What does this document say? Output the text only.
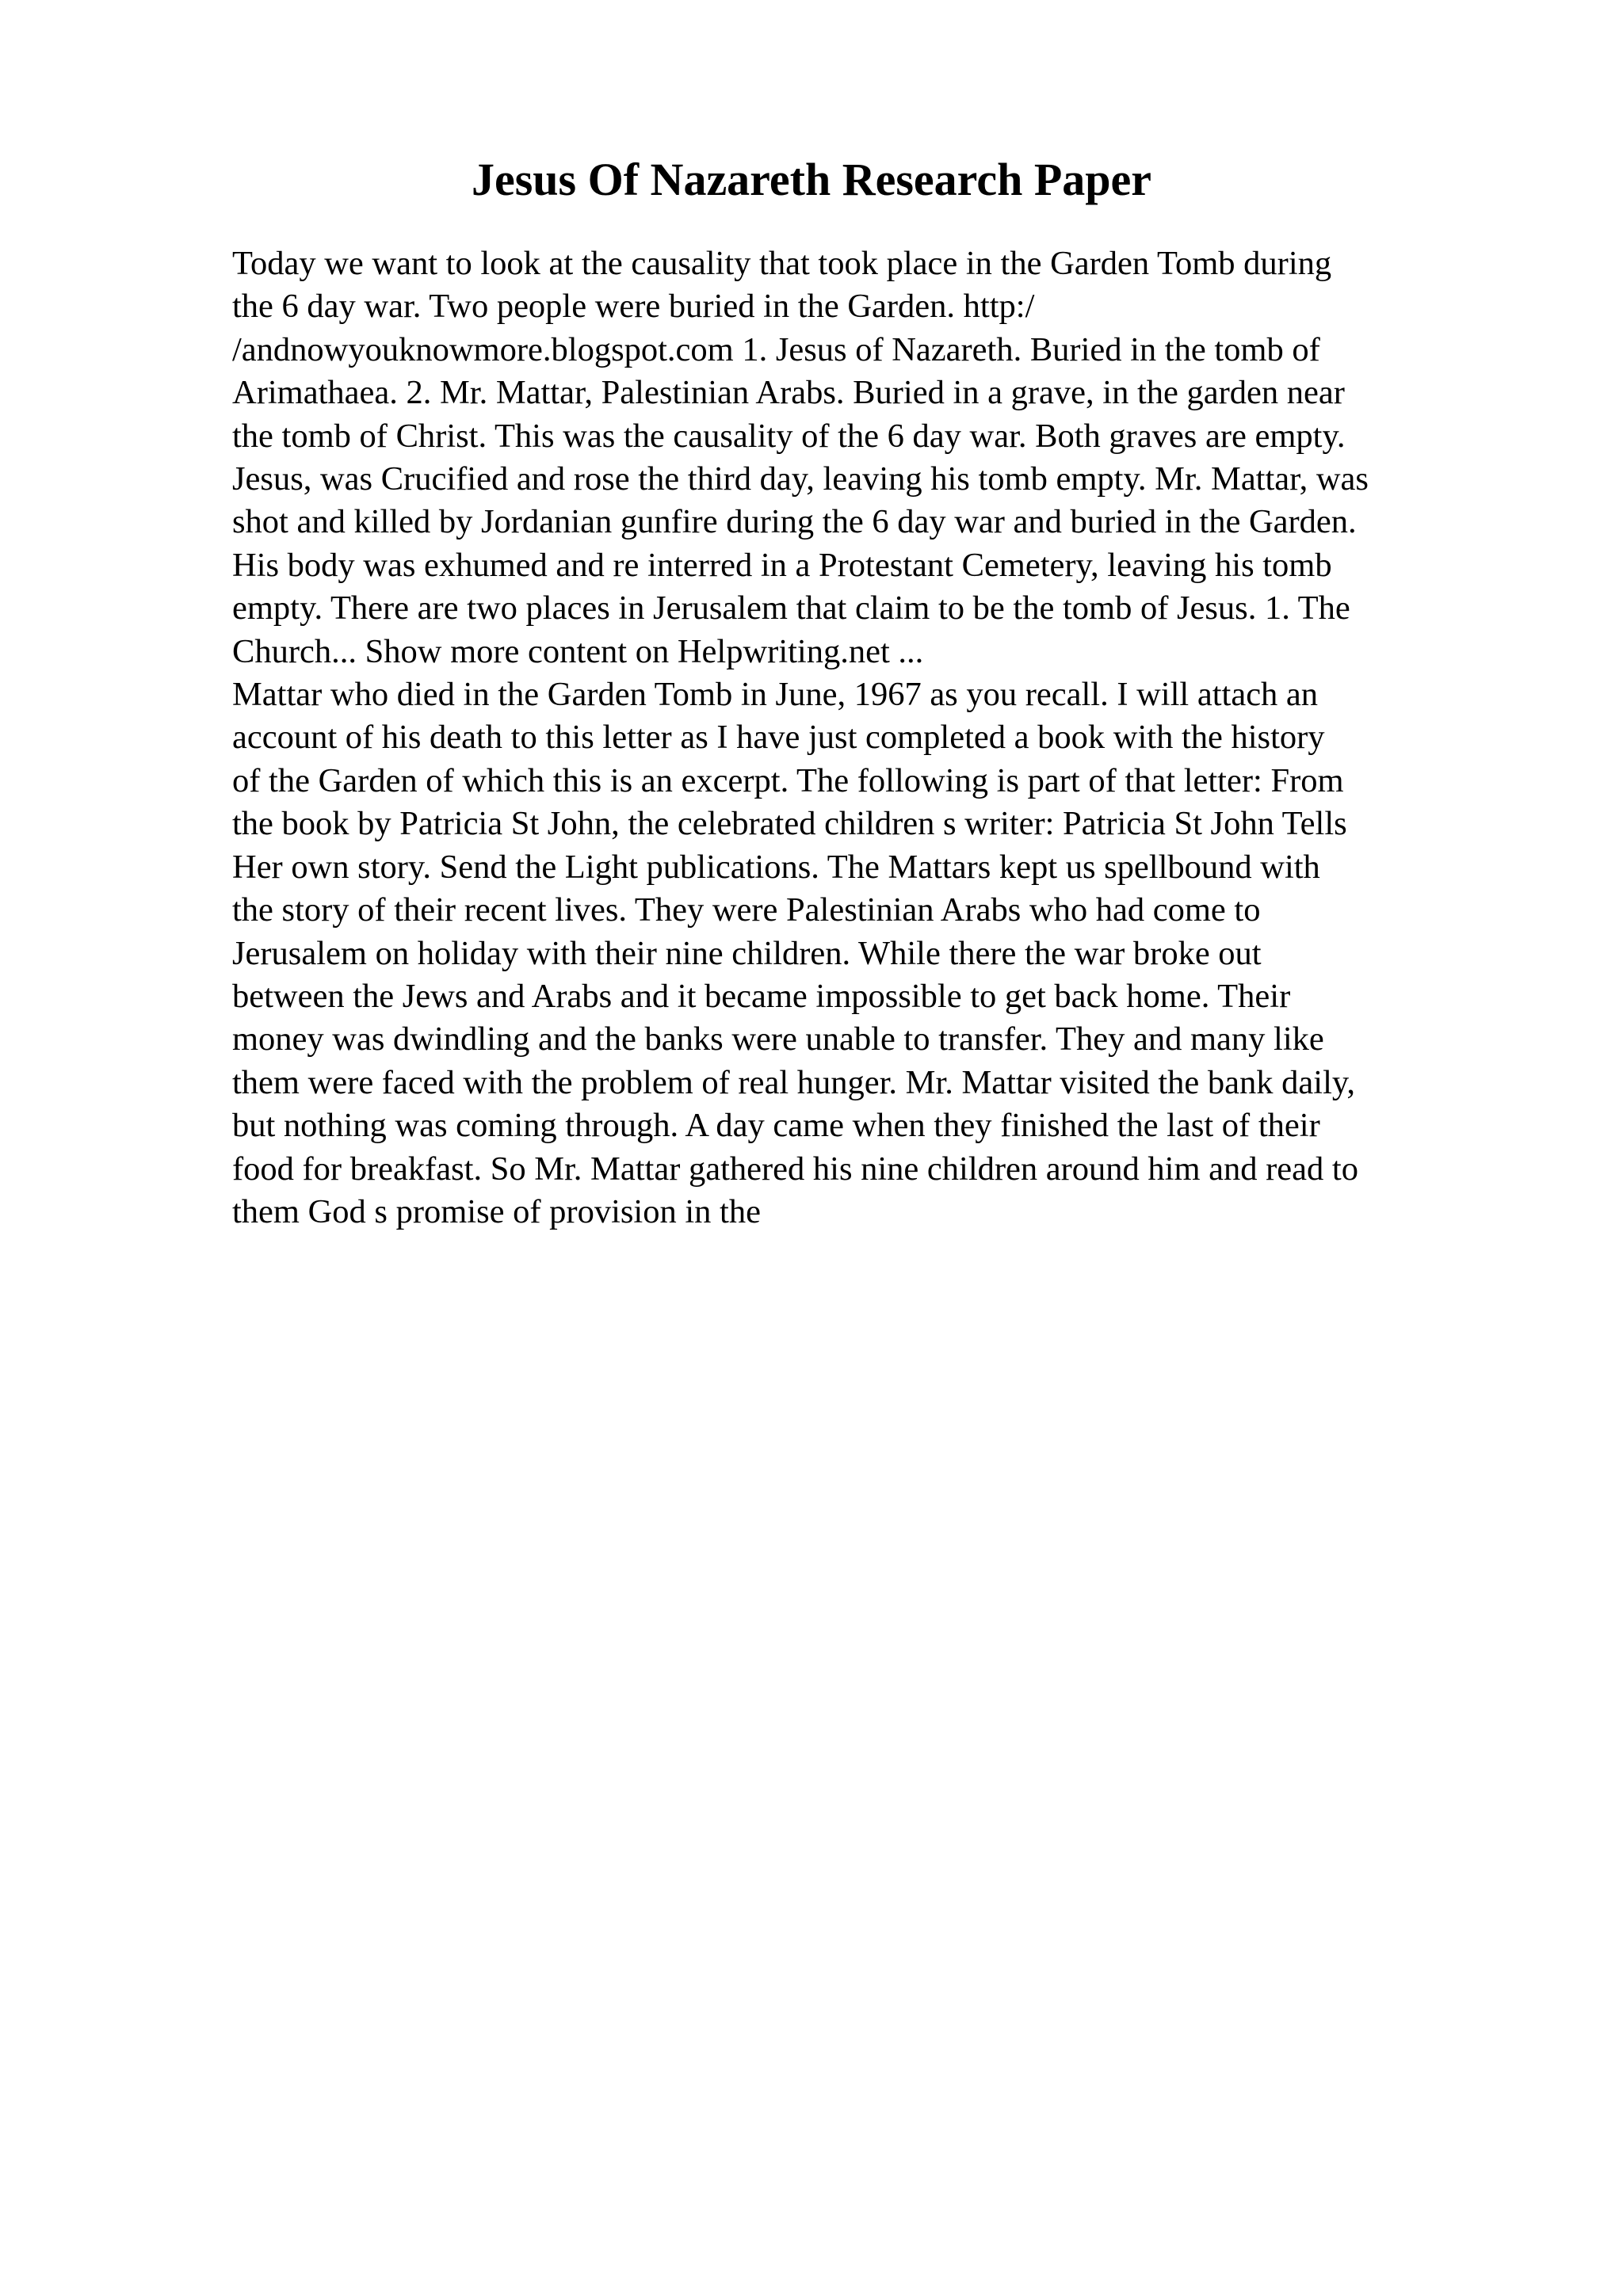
Jesus Of Nazareth Research Paper
Today we want to look at the causality that took place in the Garden Tomb during
the 6 day war. Two people were buried in the Garden. http:/
/andnowyouknowmore.blogspot.com 1. Jesus of Nazareth. Buried in the tomb of
Arimathaea. 2. Mr. Mattar, Palestinian Arabs. Buried in a grave, in the garden near
the tomb of Christ. This was the causality of the 6 day war. Both graves are empty.
Jesus, was Crucified and rose the third day, leaving his tomb empty. Mr. Mattar, was
shot and killed by Jordanian gunfire during the 6 day war and buried in the Garden.
His body was exhumed and re interred in a Protestant Cemetery, leaving his tomb
empty. There are two places in Jerusalem that claim to be the tomb of Jesus. 1. The
Church... Show more content on Helpwriting.net ...
Mattar who died in the Garden Tomb in June, 1967 as you recall. I will attach an
account of his death to this letter as I have just completed a book with the history
of the Garden of which this is an excerpt. The following is part of that letter: From
the book by Patricia St John, the celebrated children s writer: Patricia St John Tells
Her own story. Send the Light publications. The Mattars kept us spellbound with
the story of their recent lives. They were Palestinian Arabs who had come to
Jerusalem on holiday with their nine children. While there the war broke out
between the Jews and Arabs and it became impossible to get back home. Their
money was dwindling and the banks were unable to transfer. They and many like
them were faced with the problem of real hunger. Mr. Mattar visited the bank daily,
but nothing was coming through. A day came when they finished the last of their
food for breakfast. So Mr. Mattar gathered his nine children around him and read to
them God s promise of provision in the
